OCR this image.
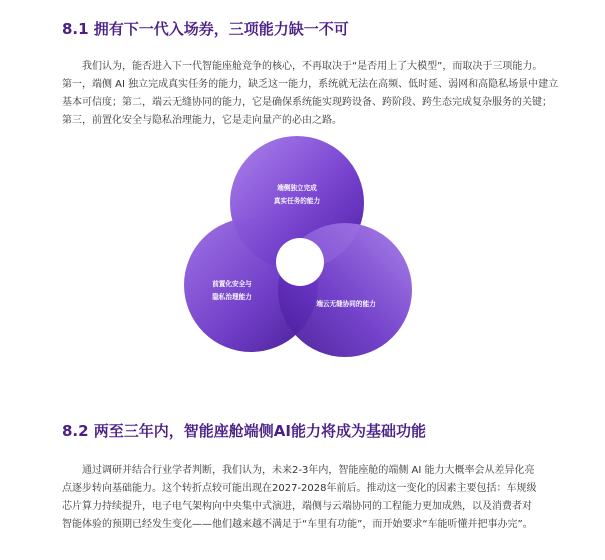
8.1 拥有下一代入场券，三项能力缺一不可

我们认为，能否进入下一代智能座舱竞争的核心，不再取决于“是否用上了大模型”，而取决于三项能力。

第一，端侧 AI 独立完成真实任务的能力，缺乏这一能力，系统就无法在高频、低时延、弱网和高隐私场景中建立

基本可信度；第二，端云无缝协同的能力，它是确保系统能实现跨设备、跨阶段、跨生态完成复杂服务的关键；

第三，前置化安全与隐私治理能力，它是走向量产的必由之路。

端侧独立完成
真实任务的能力
前置化安全与
隐私治理能力
端云无缝协同的能力
8.2 两至三年内，智能座舱端侧AI能力将成为基础功能

通过调研并结合行业学者判断，我们认为，未来2-3年内，智能座舱的端侧 AI 能力大概率会从差异化亮

点逐步转向基础能力。这个转折点较可能出现在2027-2028年前后。推动这一变化的因素主要包括：车规级

芯片算力持续提升，电子电气架构向中央集中式演进，端侧与云端协同的工程能力更加成熟，以及消费者对

智能体验的预期已经发生变化——他们越来越不满足于“车里有功能”，而开始要求“车能听懂并把事办完”。
